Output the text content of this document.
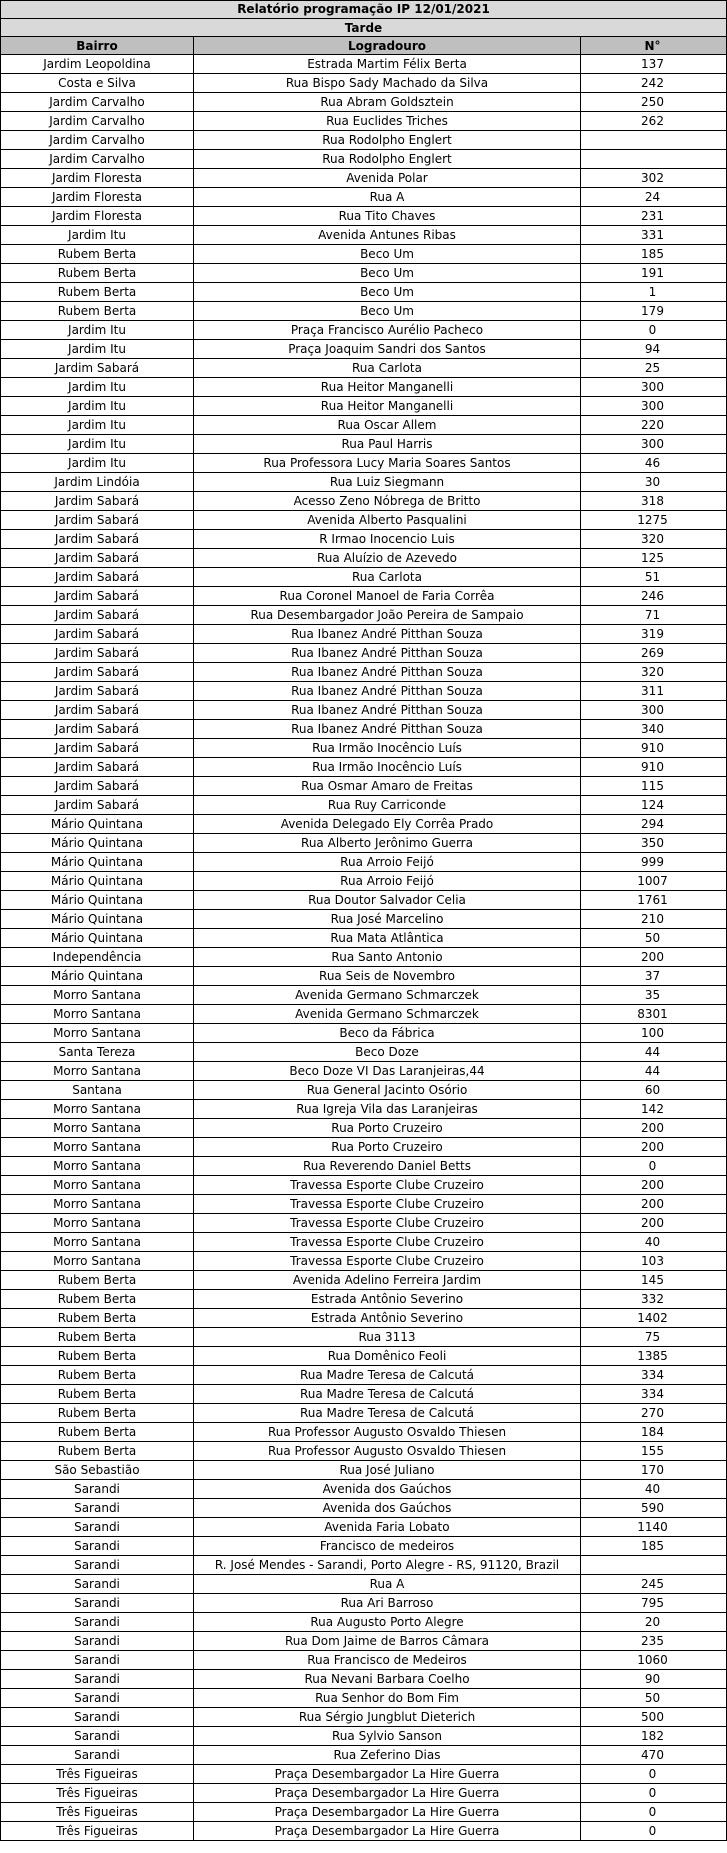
Relatório programação IP 12/01/2021
Tarde
Bairro	Logradouro	N°
Jardim Leopoldina	Estrada Martim Félix Berta	137
Costa e Silva	Rua Bispo Sady Machado da Silva	242
Jardim Carvalho	Rua Abram Goldsztein	250
Jardim Carvalho	Rua Euclides Triches	262
Jardim Carvalho	Rua Rodolpho Englert
Jardim Carvalho	Rua Rodolpho Englert
Jardim Floresta	Avenida Polar	302
Jardim Floresta	Rua A	24
Jardim Floresta	Rua Tito Chaves	231
Jardim Itu	Avenida Antunes Ribas	331
Rubem Berta	Beco Um	185
Rubem Berta	Beco Um	191
Rubem Berta	Beco Um	1
Rubem Berta	Beco Um	179
Jardim Itu	Praça Francisco Aurélio Pacheco	0
Jardim Itu	Praça Joaquim Sandri dos Santos	94
Jardim Sabará	Rua Carlota	25
Jardim Itu	Rua Heitor Manganelli	300
Jardim Itu	Rua Heitor Manganelli	300
Jardim Itu	Rua Oscar Allem	220
Jardim Itu	Rua Paul Harris	300
Jardim Itu	Rua Professora Lucy Maria Soares Santos	46
Jardim Lindóia	Rua Luiz Siegmann	30
Jardim Sabará	Acesso Zeno Nóbrega de Britto	318
Jardim Sabará	Avenida Alberto Pasqualini	1275
Jardim Sabará	R Irmao Inocencio Luis	320
Jardim Sabará	Rua Aluízio de Azevedo	125
Jardim Sabará	Rua Carlota	51
Jardim Sabará	Rua Coronel Manoel de Faria Corrêa	246
Jardim Sabará	Rua Desembargador João Pereira de Sampaio	71
Jardim Sabará	Rua Ibanez André Pitthan Souza	319
Jardim Sabará	Rua Ibanez André Pitthan Souza	269
Jardim Sabará	Rua Ibanez André Pitthan Souza	320
Jardim Sabará	Rua Ibanez André Pitthan Souza	311
Jardim Sabará	Rua Ibanez André Pitthan Souza	300
Jardim Sabará	Rua Ibanez André Pitthan Souza	340
Jardim Sabará	Rua Irmão Inocêncio Luís	910
Jardim Sabará	Rua Irmão Inocêncio Luís	910
Jardim Sabará	Rua Osmar Amaro de Freitas	115
Jardim Sabará	Rua Ruy Carriconde	124
Mário Quintana	Avenida Delegado Ely Corrêa Prado	294
Mário Quintana	Rua Alberto Jerônimo Guerra	350
Mário Quintana	Rua Arroio Feijó	999
Mário Quintana	Rua Arroio Feijó	1007
Mário Quintana	Rua Doutor Salvador Celia	1761
Mário Quintana	Rua José Marcelino	210
Mário Quintana	Rua Mata Atlântica	50
Independência	Rua Santo Antonio	200
Mário Quintana	Rua Seis de Novembro	37
Morro Santana	Avenida Germano Schmarczek	35
Morro Santana	Avenida Germano Schmarczek	8301
Morro Santana	Beco da Fábrica	100
Santa Tereza	Beco Doze	44
Morro Santana	Beco Doze VI Das Laranjeiras,44	44
Santana	Rua General Jacinto Osório	60
Morro Santana	Rua Igreja Vila das Laranjeiras	142
Morro Santana	Rua Porto Cruzeiro	200
Morro Santana	Rua Porto Cruzeiro	200
Morro Santana	Rua Reverendo Daniel Betts	0
Morro Santana	Travessa Esporte Clube Cruzeiro	200
Morro Santana	Travessa Esporte Clube Cruzeiro	200
Morro Santana	Travessa Esporte Clube Cruzeiro	200
Morro Santana	Travessa Esporte Clube Cruzeiro	40
Morro Santana	Travessa Esporte Clube Cruzeiro	103
Rubem Berta	Avenida Adelino Ferreira Jardim	145
Rubem Berta	Estrada Antônio Severino	332
Rubem Berta	Estrada Antônio Severino	1402
Rubem Berta	Rua 3113	75
Rubem Berta	Rua Domênico Feoli	1385
Rubem Berta	Rua Madre Teresa de Calcutá	334
Rubem Berta	Rua Madre Teresa de Calcutá	334
Rubem Berta	Rua Madre Teresa de Calcutá	270
Rubem Berta	Rua Professor Augusto Osvaldo Thiesen	184
Rubem Berta	Rua Professor Augusto Osvaldo Thiesen	155
São Sebastião	Rua José Juliano	170
Sarandi	Avenida dos Gaúchos	40
Sarandi	Avenida dos Gaúchos	590
Sarandi	Avenida Faria Lobato	1140
Sarandi	Francisco de medeiros	185
Sarandi	R. José Mendes - Sarandi, Porto Alegre - RS, 91120, Brazil
Sarandi	Rua A	245
Sarandi	Rua Ari Barroso	795
Sarandi	Rua Augusto Porto Alegre	20
Sarandi	Rua Dom Jaime de Barros Câmara	235
Sarandi	Rua Francisco de Medeiros	1060
Sarandi	Rua Nevani Barbara Coelho	90
Sarandi	Rua Senhor do Bom Fim	50
Sarandi	Rua Sérgio Jungblut Dieterich	500
Sarandi	Rua Sylvio Sanson	182
Sarandi	Rua Zeferino Dias	470
Três Figueiras	Praça Desembargador La Hire Guerra	0
Três Figueiras	Praça Desembargador La Hire Guerra	0
Três Figueiras	Praça Desembargador La Hire Guerra	0
Três Figueiras	Praça Desembargador La Hire Guerra	0
